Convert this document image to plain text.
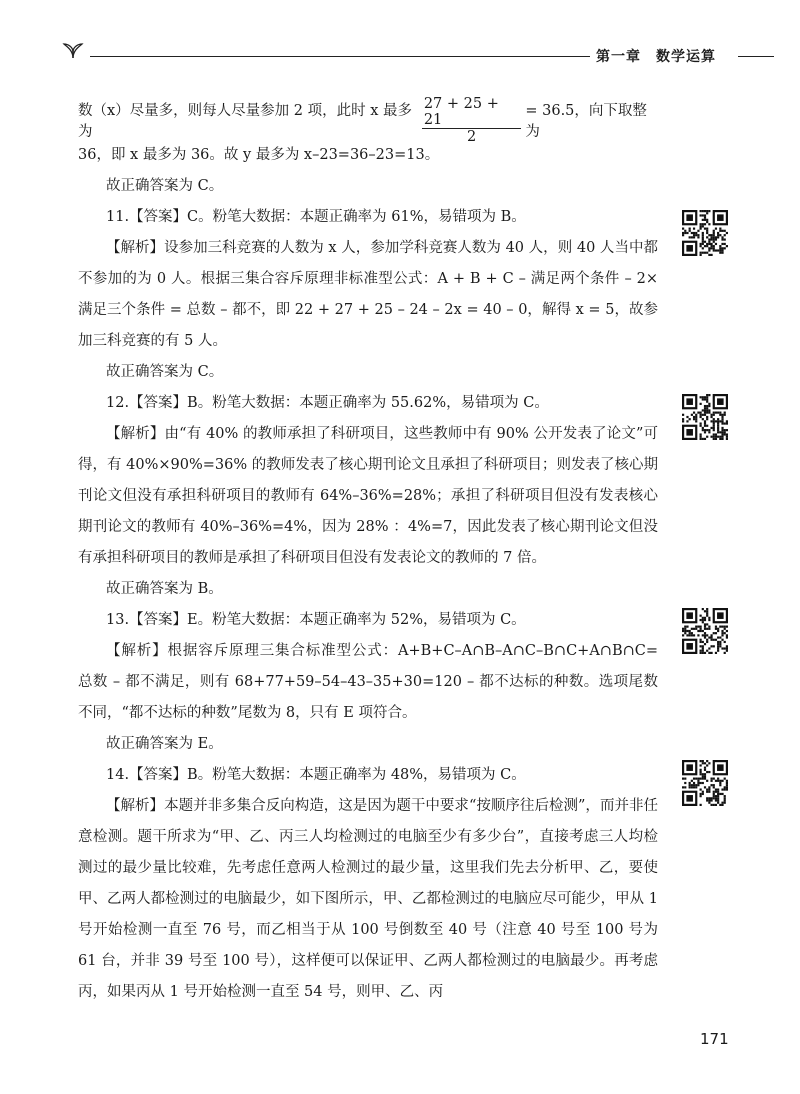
第一章　数学运算
数（x）尽量多，则每人尽量参加 2 项，此时 x 最多为	$\frac{27 + 25 + 21}{2} = 36.5$，向下取整为
36，即 x 最多为 36。故 y 最多为 x–23=36–23=13。
故正确答案为 C。
11.【答案】C。粉笔大数据：本题正确率为 61%，易错项为 B。
【解析】设参加三科竞赛的人数为 x 人，参加学科竞赛人数为 40 人，则 40 人当中都不参加的为 0 人。根据三集合容斥原理非标准型公式：A + B + C – 满足两个条件 – 2× 满足三个条件 = 总数 – 都不，即 22 + 27 + 25 – 24 – 2x = 40 – 0，解得 x = 5，故参加三科竞赛的有 5 人。
故正确答案为 C。
12.【答案】B。粉笔大数据：本题正确率为 55.62%，易错项为 C。
【解析】由“有 40% 的教师承担了科研项目，这些教师中有 90% 公开发表了论文”可得，有 40%×90%=36% 的教师发表了核心期刊论文且承担了科研项目；则发表了核心期刊论文但没有承担科研项目的教师有 64%–36%=28%；承担了科研项目但没有发表核心期刊论文的教师有 40%–36%=4%，因为 28% ：4%=7，因此发表了核心期刊论文但没有承担科研项目的教师是承担了科研项目但没有发表论文的教师的 7 倍。
故正确答案为 B。
13.【答案】E。粉笔大数据：本题正确率为 52%，易错项为 C。
【解析】根据容斥原理三集合标准型公式：A+B+C–A∩B–A∩C–B∩C+A∩B∩C= 总数 – 都不满足，则有 68+77+59–54–43–35+30=120 – 都不达标的种数。选项尾数不同，“都不达标的种数”尾数为 8，只有 E 项符合。
故正确答案为 E。
14.【答案】B。粉笔大数据：本题正确率为 48%，易错项为 C。
【解析】本题并非多集合反向构造，这是因为题干中要求“按顺序往后检测”，而并非任意检测。题干所求为“甲、乙、丙三人均检测过的电脑至少有多少台”，直接考虑三人均检测过的最少量比较难，先考虑任意两人检测过的最少量，这里我们先去分析甲、乙，要使甲、乙两人都检测过的电脑最少，如下图所示，甲、乙都检测过的电脑应尽可能少，甲从 1 号开始检测一直至 76 号，而乙相当于从 100 号倒数至 40 号（注意 40 号至 100 号为 61 台，并非 39 号至 100 号），这样便可以保证甲、乙两人都检测过的电脑最少。再考虑丙，如果丙从 1 号开始检测一直至 54 号，则甲、乙、丙
171
